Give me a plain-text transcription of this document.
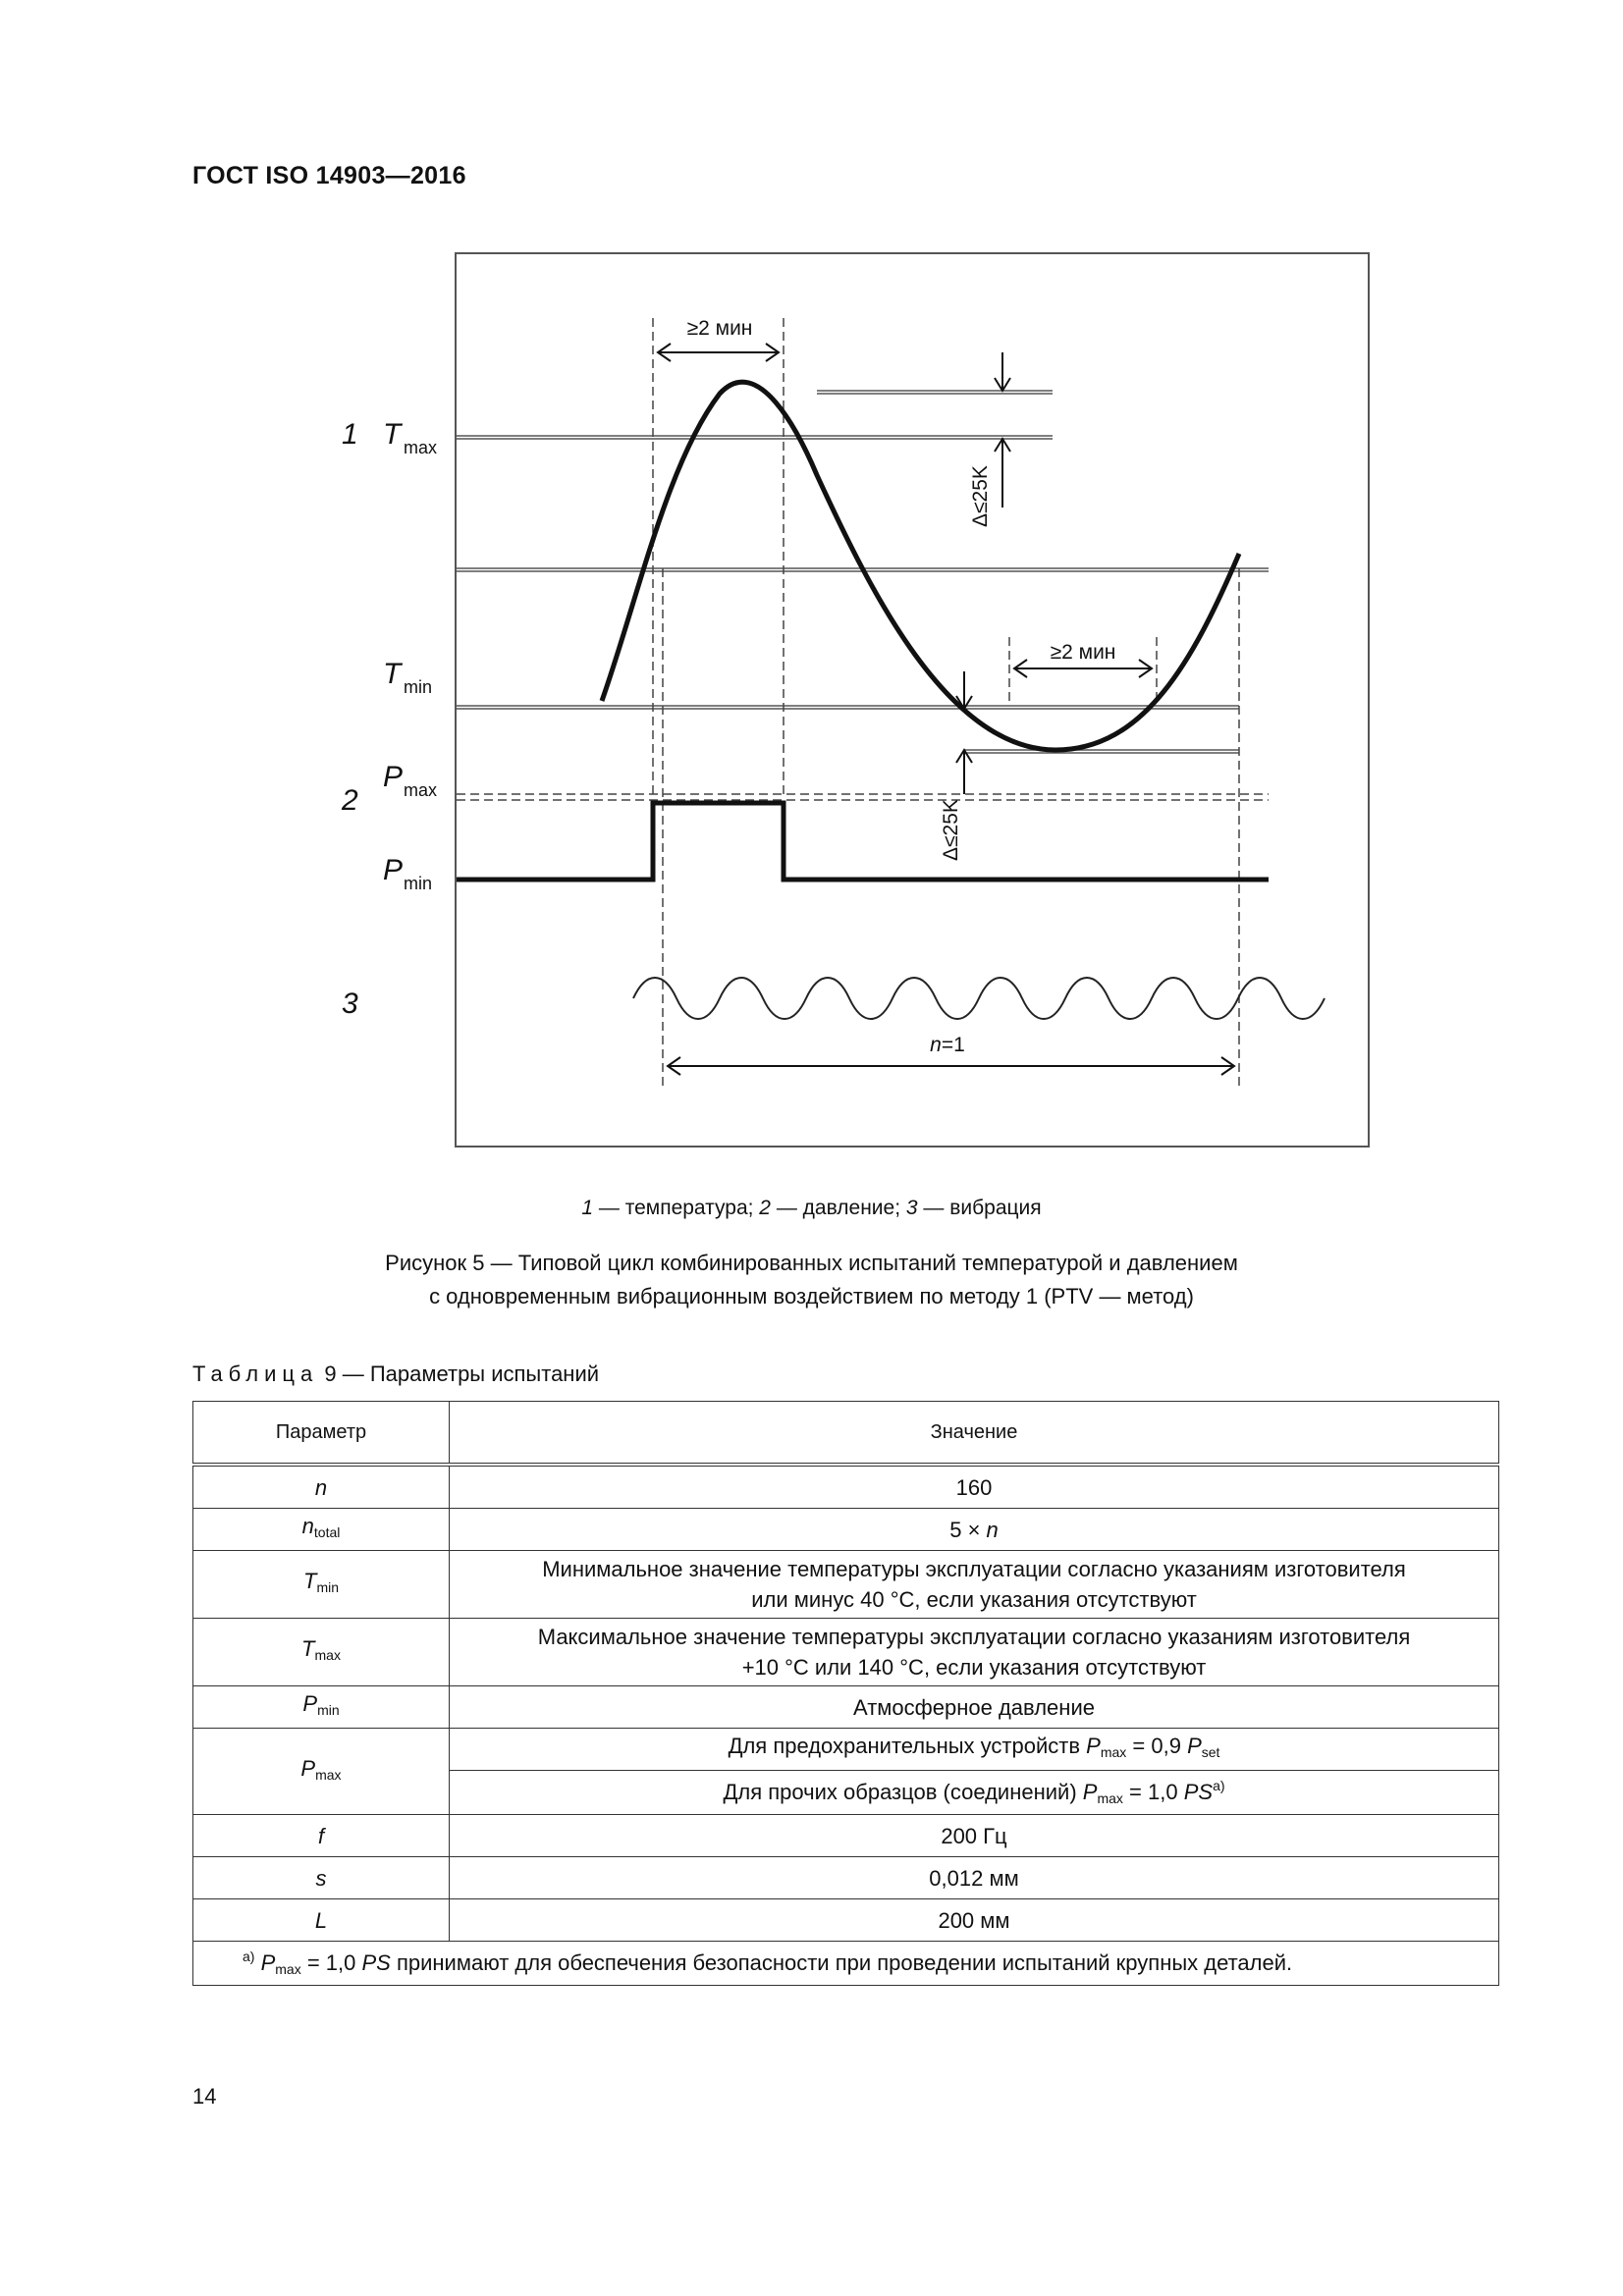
ГОСТ ISO 14903—2016
1
2
3
T max
T min
P max
P min
≥2 мин
≥2 мин
Δ≤25K
Δ≤25K
n=1
1 — температура; 2 — давление; 3 — вибрация
Рисунок 5 — Типовой цикл комбинированных испытаний температурой и давлением
с одновременным вибрационным воздействием по методу 1 (PTV — метод)
Таблица 9 — Параметры испытаний
Параметр	Значение
n	160
$n_{total}$	5 × n
$T_{min}$	Минимальное значение температуры эксплуатации согласно указаниям изготовителя
или минус 40 °С, если указания отсутствуют

$T_{max}$	Максимальное значение температуры эксплуатации согласно указаниям изготовителя
+10 °С или 140 °С, если указания отсутствуют

$P_{min}$	Атмосферное давление
$P_{max}$	Для предохранительных устройств $P_{max} = 0,9$ $P_{set}$
	Для прочих образцов (соединений) $P_{max} = 1,0$ $PS^{а)}$
f	200 Гц
s	0,012 мм
L	200 мм
$^{а)}$ $P_{max} = 1,0$ PS принимают для обеспечения безопасности при проведении испытаний крупных деталей.	
14
